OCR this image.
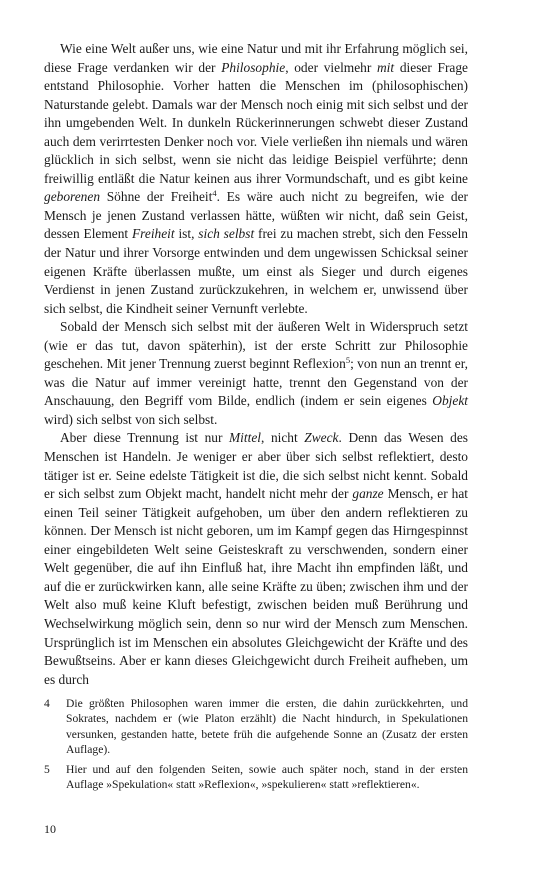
Wie eine Welt außer uns, wie eine Natur und mit ihr Erfahrung möglich sei, diese Frage verdanken wir der Philosophie, oder vielmehr mit dieser Frage entstand Philosophie. Vorher hatten die Menschen im (philosophischen) Naturstande gelebt. Damals war der Mensch noch einig mit sich selbst und der ihn umgebenden Welt. In dunkeln Rückerinnerungen schwebt dieser Zustand auch dem verirrtesten Denker noch vor. Viele verließen ihn niemals und wären glücklich in sich selbst, wenn sie nicht das leidige Beispiel verführte; denn freiwillig entläßt die Natur keinen aus ihrer Vormundschaft, und es gibt keine geborenen Söhne der Freiheit$^4$. Es wäre auch nicht zu begreifen, wie der Mensch je jenen Zustand verlassen hätte, wüßten wir nicht, daß sein Geist, dessen Element Freiheit ist, sich selbst frei zu machen strebt, sich den Fesseln der Natur und ihrer Vorsorge entwinden und dem ungewissen Schicksal seiner eigenen Kräfte überlassen mußte, um einst als Sieger und durch eigenes Verdienst in jenen Zustand zurückzukehren, in welchem er, unwissend über sich selbst, die Kindheit seiner Vernunft verlebte.

Sobald der Mensch sich selbst mit der äußeren Welt in Widerspruch setzt (wie er das tut, davon späterhin), ist der erste Schritt zur Philosophie geschehen. Mit jener Trennung zuerst beginnt Reflexion$^5$; von nun an trennt er, was die Natur auf immer vereinigt hatte, trennt den Gegenstand von der Anschauung, den Begriff vom Bilde, endlich (indem er sein eigenes Objekt wird) sich selbst von sich selbst.

Aber diese Trennung ist nur Mittel, nicht Zweck. Denn das Wesen des Menschen ist Handeln. Je weniger er aber über sich selbst reflektiert, desto tätiger ist er. Seine edelste Tätigkeit ist die, die sich selbst nicht kennt. Sobald er sich selbst zum Objekt macht, handelt nicht mehr der ganze Mensch, er hat einen Teil seiner Tätigkeit aufgehoben, um über den andern reflektieren zu können. Der Mensch ist nicht geboren, um im Kampf gegen das Hirngespinnst einer eingebildeten Welt seine Geisteskraft zu verschwenden, sondern einer Welt gegenüber, die auf ihn Einfluß hat, ihre Macht ihn empfinden läßt, und auf die er zurückwirken kann, alle seine Kräfte zu üben; zwischen ihm und der Welt also muß keine Kluft befestigt, zwischen beiden muß Berührung und Wechselwirkung möglich sein, denn so nur wird der Mensch zum Menschen. Ursprünglich ist im Menschen ein absolutes Gleichgewicht der Kräfte und des Bewußtseins. Aber er kann dieses Gleichgewicht durch Freiheit aufheben, um es durch

4	Die größten Philosophen waren immer die ersten, die dahin zurückkehrten, und Sokrates, nachdem er (wie Platon erzählt) die Nacht hindurch, in Spekulationen versunken, gestanden hatte, betete früh die aufgehende Sonne an (Zusatz der ersten Auflage).
5	Hier und auf den folgenden Seiten, sowie auch später noch, stand in der ersten Auflage »Spekulation« statt »Reflexion«, »spekulieren« statt »reflektieren«.
10
